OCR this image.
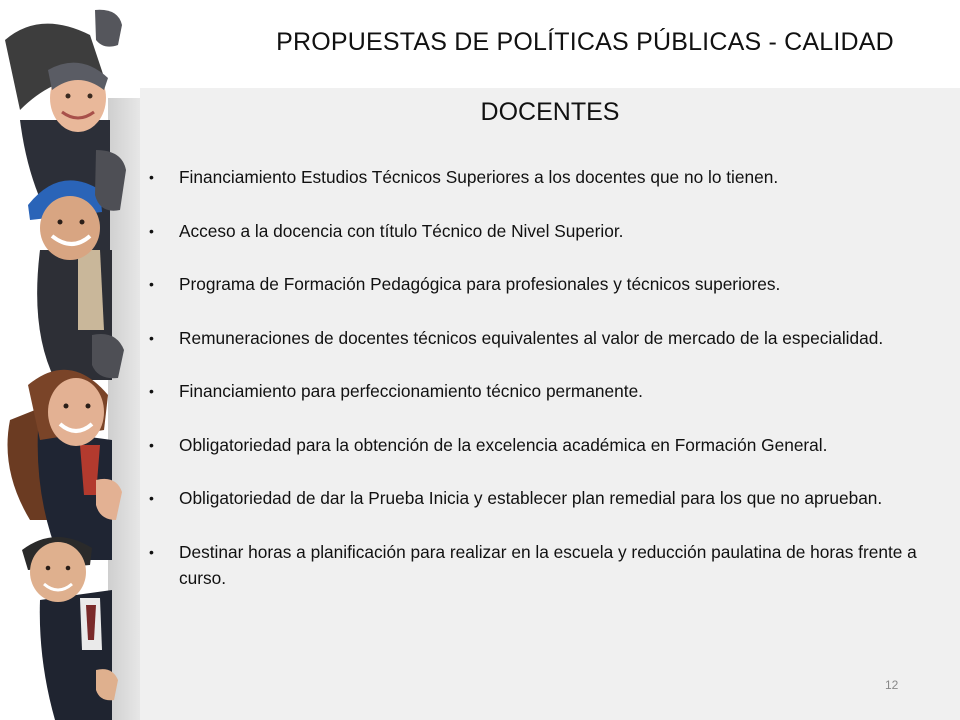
PROPUESTAS DE POLÍTICAS PÚBLICAS - CALIDAD
DOCENTES
• Financiamiento Estudios Técnicos Superiores a los docentes que no lo tienen.
• Acceso a la docencia con título Técnico de Nivel Superior.
• Programa de Formación Pedagógica para profesionales y técnicos superiores.
• Remuneraciones de docentes técnicos equivalentes al valor de mercado de la especialidad.
• Financiamiento para perfeccionamiento técnico permanente.
• Obligatoriedad para la obtención de la excelencia académica en Formación General.
• Obligatoriedad de dar la Prueba Inicia y establecer plan remedial para los que no aprueban.
• Destinar horas a planificación para realizar en la escuela y reducción paulatina de horas frente a curso.
12
